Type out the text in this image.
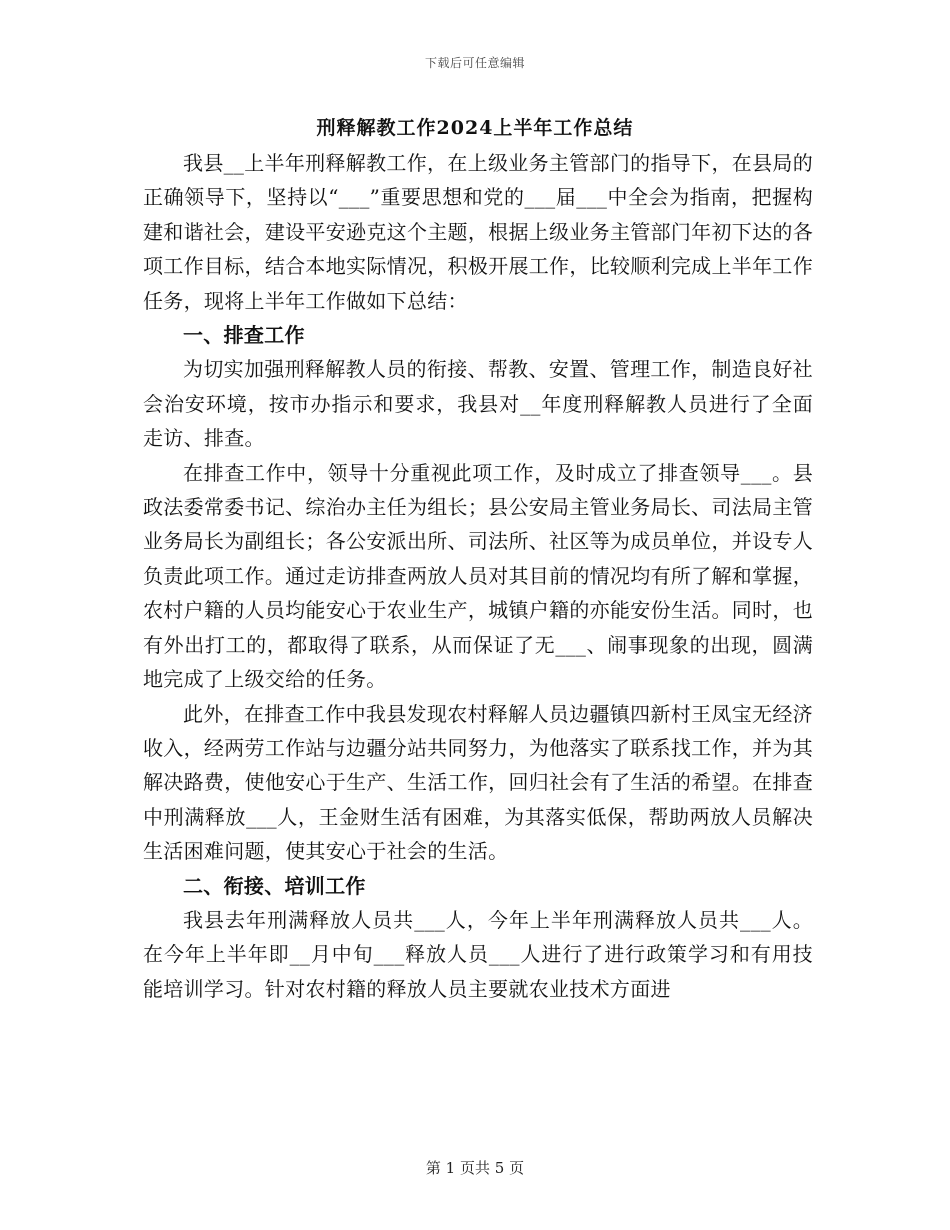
下载后可任意编辑
刑释解教工作2024上半年工作总结

我县__上半年刑释解教工作，在上级业务主管部门的指导下，在县局的正确领导下，坚持以“___”重要思想和党的___届___中全会为指南，把握构建和谐社会，建设平安逊克这个主题，根据上级业务主管部门年初下达的各项工作目标，结合本地实际情况，积极开展工作，比较顺利完成上半年工作任务，现将上半年工作做如下总结：

一、排查工作

为切实加强刑释解教人员的衔接、帮教、安置、管理工作，制造良好社会治安环境，按市办指示和要求，我县对__年度刑释解教人员进行了全面走访、排查。

在排查工作中，领导十分重视此项工作，及时成立了排查领导___。县政法委常委书记、综治办主任为组长；县公安局主管业务局长、司法局主管业务局长为副组长；各公安派出所、司法所、社区等为成员单位，并设专人负责此项工作。通过走访排查两放人员对其目前的情况均有所了解和掌握，农村户籍的人员均能安心于农业生产，城镇户籍的亦能安份生活。同时，也有外出打工的，都取得了联系，从而保证了无___、闹事现象的出现，圆满地完成了上级交给的任务。

此外，在排查工作中我县发现农村释解人员边疆镇四新村王凤宝无经济收入，经两劳工作站与边疆分站共同努力，为他落实了联系找工作，并为其解决路费，使他安心于生产、生活工作，回归社会有了生活的希望。在排查中刑满释放___人，王金财生活有困难，为其落实低保，帮助两放人员解决生活困难问题，使其安心于社会的生活。

二、衔接、培训工作

我县去年刑满释放人员共___人，今年上半年刑满释放人员共___人。在今年上半年即__月中旬___释放人员___人进行了进行政策学习和有用技能培训学习。针对农村籍的释放人员主要就农业技术方面进

第 1 页共 5 页
